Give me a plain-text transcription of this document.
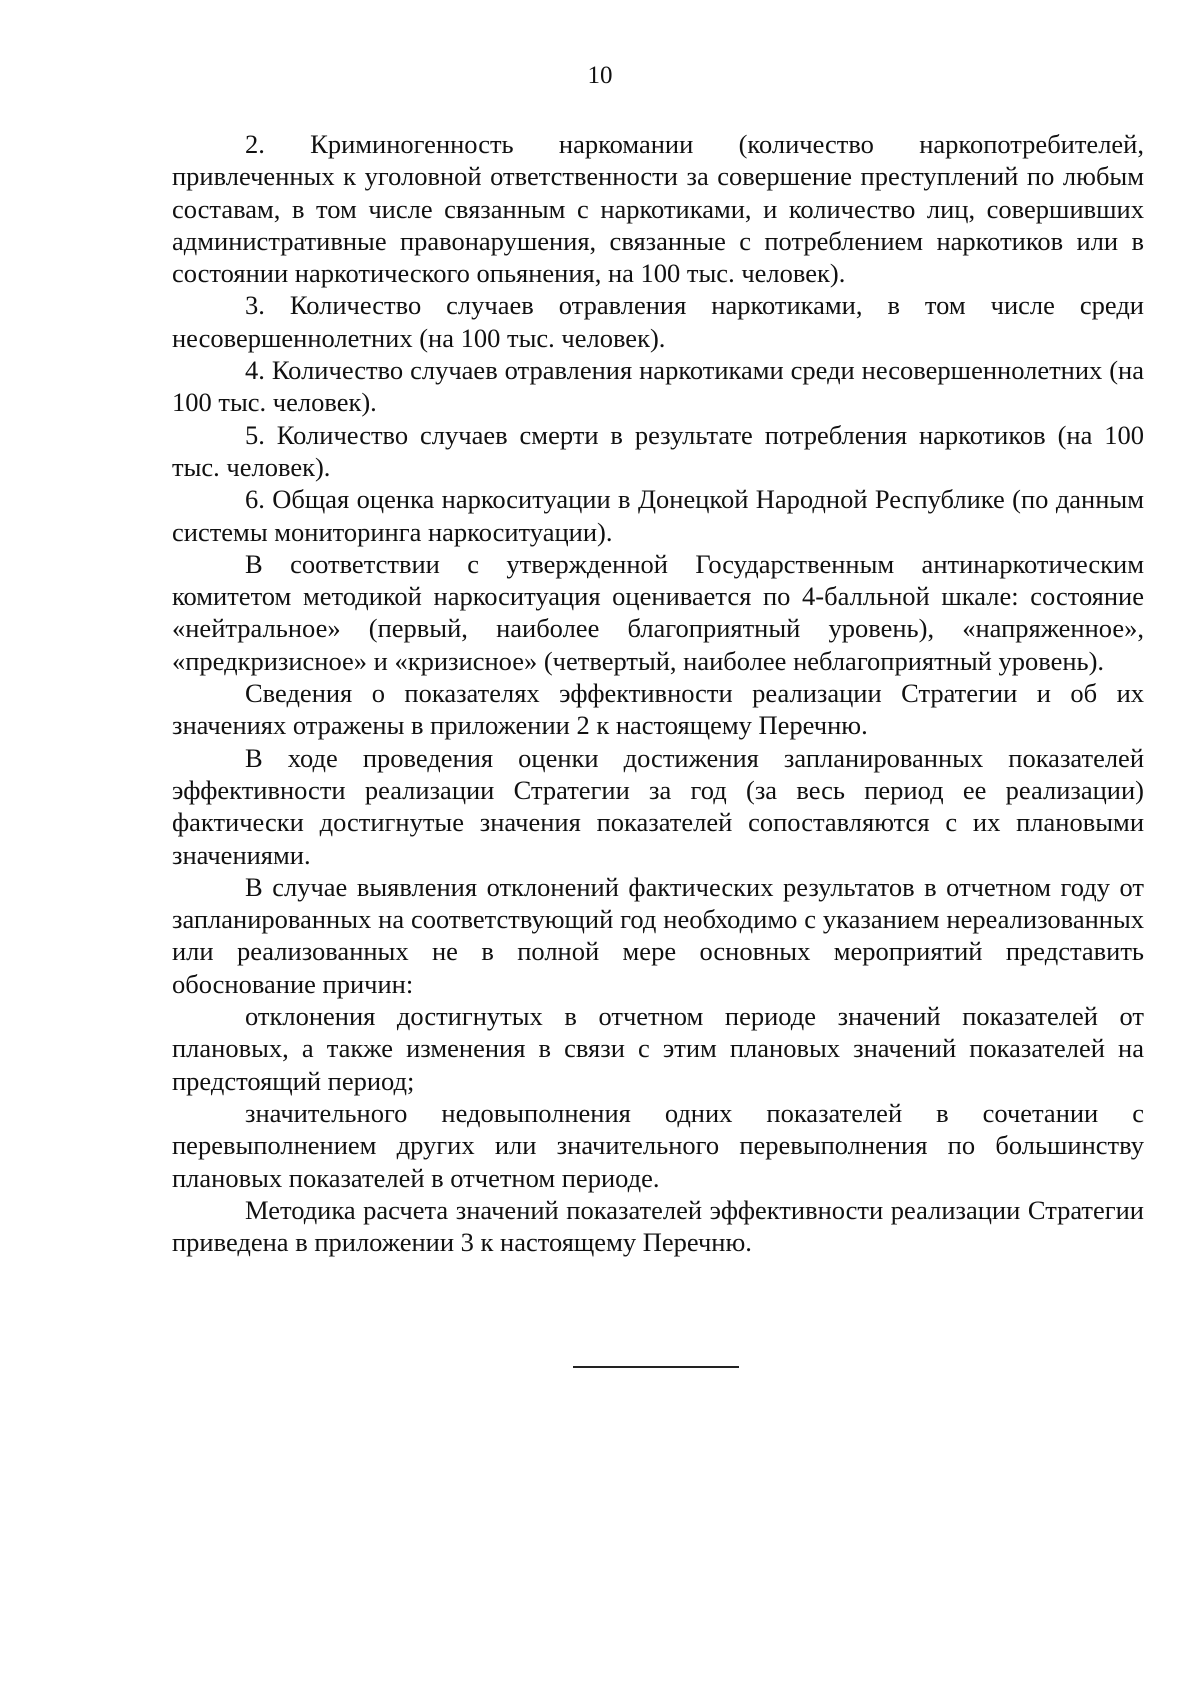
10

2. Криминогенность наркомании (количество наркопотребителей, привлеченных к уголовной ответственности за совершение преступлений по любым составам, в том числе связанным с наркотиками, и количество лиц, совершивших административные правонарушения, связанные с потреблением наркотиков или в состоянии наркотического опьянения, на 100 тыс. человек).

3. Количество случаев отравления наркотиками, в том числе среди несовершеннолетних (на 100 тыс. человек).

4. Количество случаев отравления наркотиками среди несовершеннолетних (на 100 тыс. человек).

5. Количество случаев смерти в результате потребления наркотиков (на 100 тыс. человек).

6. Общая оценка наркоситуации в Донецкой Народной Республике (по данным системы мониторинга наркоситуации).

В соответствии с утвержденной Государственным антинаркотическим комитетом методикой наркоситуация оценивается по 4-балльной шкале: состояние «нейтральное» (первый, наиболее благоприятный уровень), «напряженное», «предкризисное» и «кризисное» (четвертый, наиболее неблагоприятный уровень).

Сведения о показателях эффективности реализации Стратегии и об их значениях отражены в приложении 2 к настоящему Перечню.

В ходе проведения оценки достижения запланированных показателей эффективности реализации Стратегии за год (за весь период ее реализации) фактически достигнутые значения показателей сопоставляются с их плановыми значениями.

В случае выявления отклонений фактических результатов в отчетном году от запланированных на соответствующий год необходимо с указанием нереализованных или реализованных не в полной мере основных мероприятий представить обоснование причин:

отклонения достигнутых в отчетном периоде значений показателей от плановых, а также изменения в связи с этим плановых значений показателей на предстоящий период;

значительного недовыполнения одних показателей в сочетании с перевыполнением других или значительного перевыполнения по большинству плановых показателей в отчетном периоде.

Методика расчета значений показателей эффективности реализации Стратегии приведена в приложении 3 к настоящему Перечню.
